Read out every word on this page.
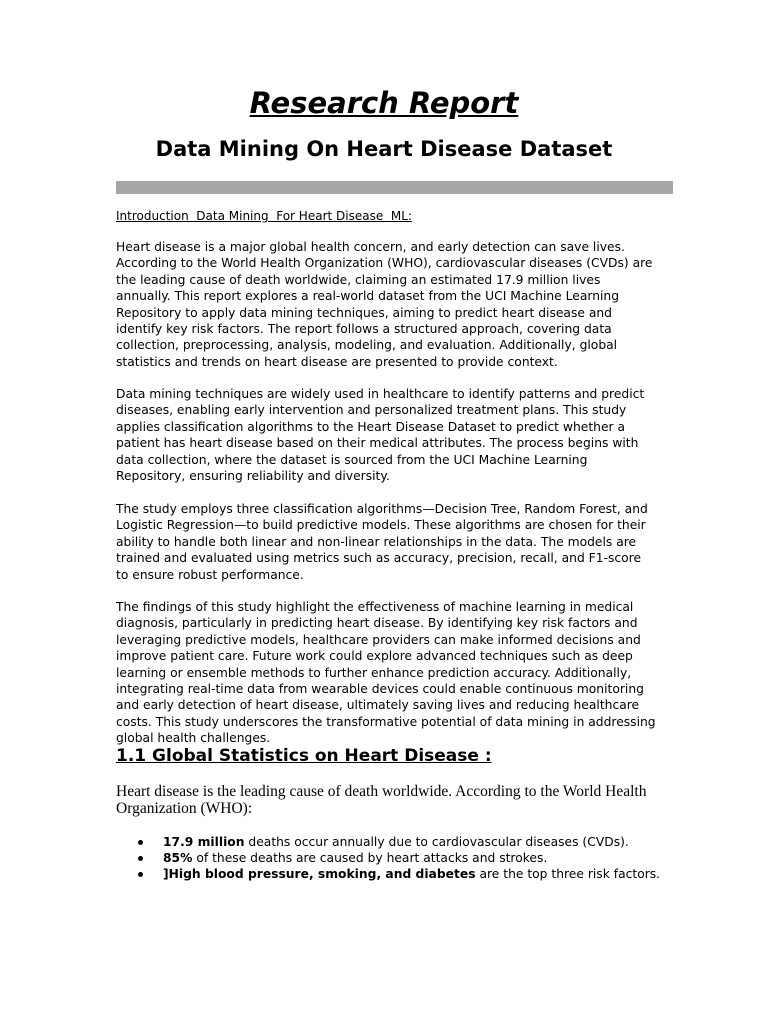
Research Report
Data Mining On Heart Disease Dataset

Introduction  Data Mining  For Heart Disease  ML:

Heart disease is a major global health concern, and early detection can save lives. According to the World Health Organization (WHO), cardiovascular diseases (CVDs) are the leading cause of death worldwide, claiming an estimated 17.9 million lives annually. This report explores a real-world dataset from the UCI Machine Learning Repository to apply data mining techniques, aiming to predict heart disease and identify key risk factors. The report follows a structured approach, covering data collection, preprocessing, analysis, modeling, and evaluation. Additionally, global statistics and trends on heart disease are presented to provide context.

Data mining techniques are widely used in healthcare to identify patterns and predict diseases, enabling early intervention and personalized treatment plans. This study applies classification algorithms to the Heart Disease Dataset to predict whether a patient has heart disease based on their medical attributes. The process begins with data collection, where the dataset is sourced from the UCI Machine Learning Repository, ensuring reliability and diversity.

The study employs three classification algorithms—Decision Tree, Random Forest, and Logistic Regression—to build predictive models. These algorithms are chosen for their ability to handle both linear and non-linear relationships in the data. The models are trained and evaluated using metrics such as accuracy, precision, recall, and F1-score to ensure robust performance.

The findings of this study highlight the effectiveness of machine learning in medical diagnosis, particularly in predicting heart disease. By identifying key risk factors and leveraging predictive models, healthcare providers can make informed decisions and improve patient care. Future work could explore advanced techniques such as deep learning or ensemble methods to further enhance prediction accuracy. Additionally, integrating real-time data from wearable devices could enable continuous monitoring and early detection of heart disease, ultimately saving lives and reducing healthcare costs. This study underscores the transformative potential of data mining in addressing global health challenges.

1.1 Global Statistics on Heart Disease :

Heart disease is the leading cause of death worldwide. According to the World Health Organization (WHO):

17.9 million deaths occur annually due to cardiovascular diseases (CVDs).
85% of these deaths are caused by heart attacks and strokes.
]High blood pressure, smoking, and diabetes are the top three risk factors.
